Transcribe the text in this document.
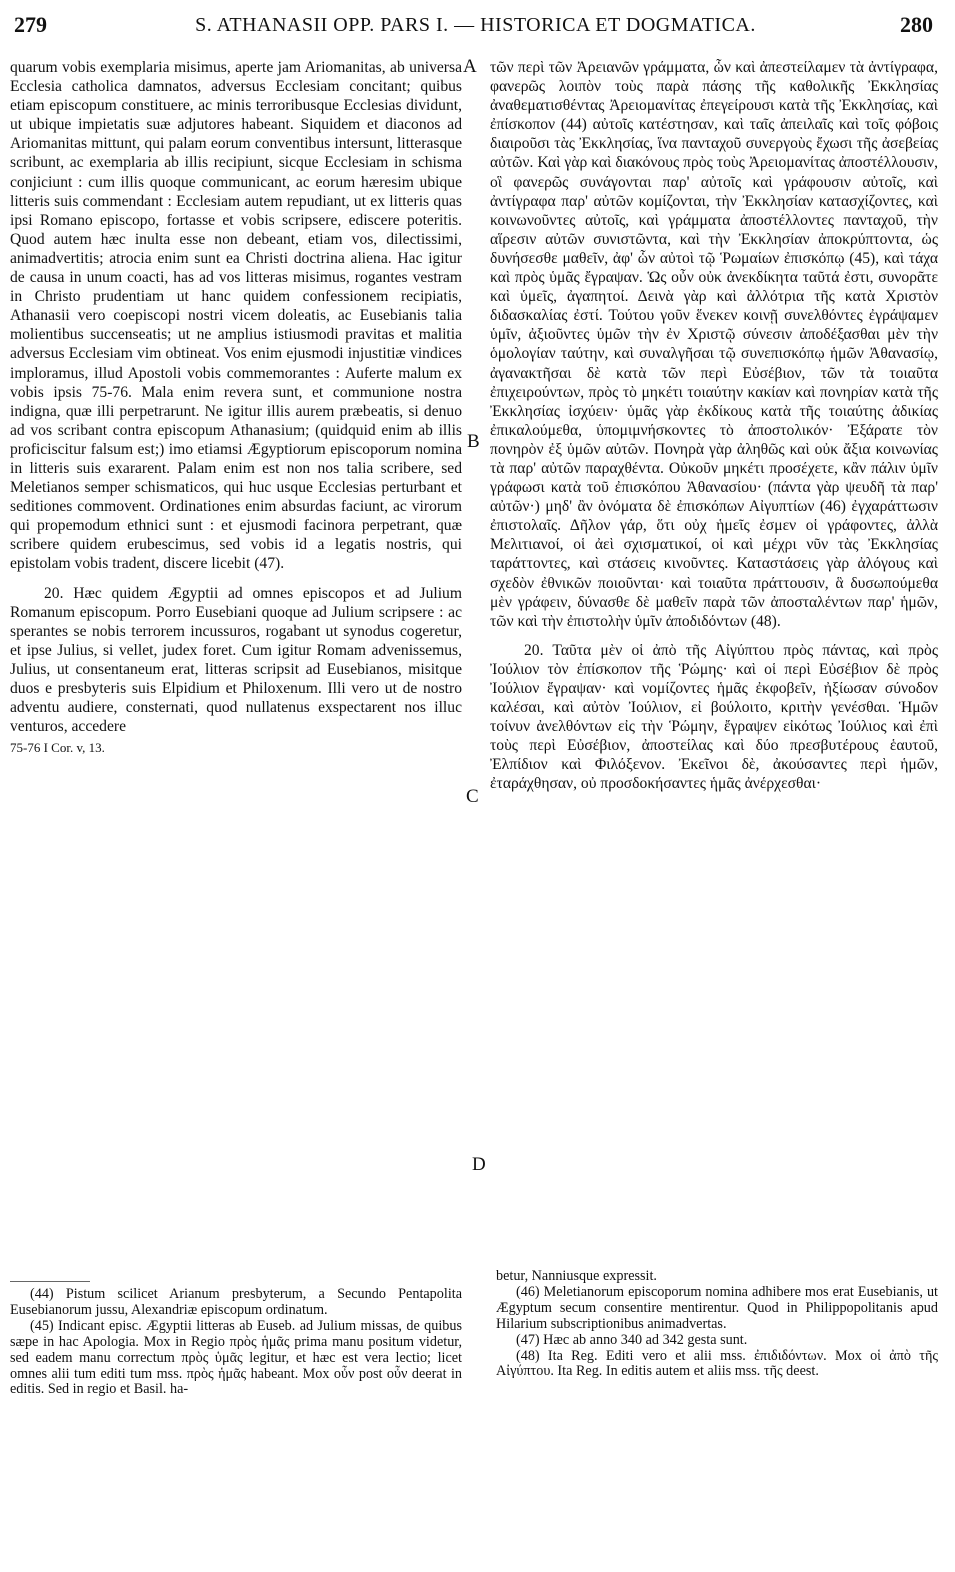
279	S. ATHANASII OPP. PARS I. — HISTORICA ET DOGMATICA.	280
A
B
C
D

quarum vobis exemplaria misimus, aperte jam Ariomanitas, ab universa Ecclesia catholica damnatos, adversus Ecclesiam concitant; quibus etiam episcopum constituere, ac minis terroribusque Ecclesias dividunt, ut ubique impietatis suæ adjutores habeant. Siquidem et diaconos ad Ariomanitas mittunt, qui palam eorum conventibus intersunt, litterasque scribunt, ac exemplaria ab illis recipiunt, sicque Ecclesiam in schisma conjiciunt : cum illis quoque communicant, ac eorum hæresim ubique litteris suis commendant : Ecclesiam autem repudiant, ut ex litteris quas ipsi Romano episcopo, fortasse et vobis scripsere, ediscere poteritis. Quod autem hæc inulta esse non debeant, etiam vos, dilectissimi, animadvertitis; atrocia enim sunt ea Christi doctrina aliena. Hac igitur de causa in unum coacti, has ad vos litteras misimus, rogantes vestram in Christo prudentiam ut hanc quidem confessionem recipiatis, Athanasii vero coepiscopi nostri vicem doleatis, ac Eusebianis talia molientibus succenseatis; ut ne amplius istiusmodi pravitas et malitia adversus Ecclesiam vim obtineat. Vos enim ejusmodi injustitiæ vindices imploramus, illud Apostoli vobis commemorantes : Auferte malum ex vobis ipsis 75-76. Mala enim revera sunt, et communione nostra indigna, quæ illi perpetrarunt. Ne igitur illis aurem præbeatis, si denuo ad vos scribant contra episcopum Athanasium; (quidquid enim ab illis proficiscitur falsum est;) imo etiamsi Ægyptiorum episcoporum nomina in litteris suis exararent. Palam enim est non nos talia scribere, sed Meletianos semper schismaticos, qui huc usque Ecclesias perturbant et seditiones commovent. Ordinationes enim absurdas faciunt, ac virorum qui propemodum ethnici sunt : et ejusmodi facinora perpetrant, quæ scribere quidem erubescimus, sed vobis id a legatis nostris, qui epistolam vobis tradent, discere licebit (47).

20. Hæc quidem Ægyptii ad omnes episcopos et ad Julium Romanum episcopum. Porro Eusebiani quoque ad Julium scripsere : ac sperantes se nobis terrorem incussuros, rogabant ut synodus cogeretur, et ipse Julius, si vellet, judex foret. Cum igitur Romam advenissemus, Julius, ut consentaneum erat, litteras scripsit ad Eusebianos, misitque duos e presbyteris suis Elpidium et Philoxenum. Illi vero ut de nostro adventu audiere, consternati, quod nullatenus exspectarent nos illuc venturos, accedere

75-76 I Cor. v, 13.

τῶν περὶ τῶν Ἀρειανῶν γράμματα, ὧν καὶ ἀπεστείλαμεν τὰ ἀντίγραφα, φανερῶς λοιπὸν τοὺς παρὰ πάσης τῆς καθολικῆς Ἐκκλησίας ἀναθεματισθέντας Ἀρειομανίτας ἐπεγείρουσι κατὰ τῆς Ἐκκλησίας, καὶ ἐπίσκοπον (44) αὐτοῖς κατέστησαν, καὶ ταῖς ἀπειλαῖς καὶ τοῖς φόβοις διαιροῦσι τὰς Ἐκκλησίας, ἵνα πανταχοῦ συνεργοὺς ἔχωσι τῆς ἀσεβείας αὐτῶν. Καὶ γὰρ καὶ διακόνους πρὸς τοὺς Ἀρειομανίτας ἀποστέλλουσιν, οἳ φανερῶς συνάγονται παρ' αὐτοῖς καὶ γράφουσιν αὐτοῖς, καὶ ἀντίγραφα παρ' αὐτῶν κομίζονται, τὴν Ἐκκλησίαν κατασχίζοντες, καὶ κοινωνοῦντες αὐτοῖς, καὶ γράμματα ἀποστέλλοντες πανταχοῦ, τὴν αἵρεσιν αὐτῶν συνιστῶντα, καὶ τὴν Ἐκκλησίαν ἀποκρύπτοντα, ὡς δυνήσεσθε μαθεῖν, ἀφ' ὧν αὐτοὶ τῷ Ῥωμαίων ἐπισκόπῳ (45), καὶ τάχα καὶ πρὸς ὑμᾶς ἔγραψαν. Ὡς οὖν οὐκ ἀνεκδίκητα ταῦτά ἐστι, συνορᾶτε καὶ ὑμεῖς, ἀγαπητοί. Δεινὰ γὰρ καὶ ἀλλότρια τῆς κατὰ Χριστὸν διδασκαλίας ἐστί. Τούτου γοῦν ἕνεκεν κοινῇ συνελθόντες ἐγράψαμεν ὑμῖν, ἀξιοῦντες ὑμῶν τὴν ἐν Χριστῷ σύνεσιν ἀποδέξασθαι μὲν τὴν ὁμολογίαν ταύτην, καὶ συναλγῆσαι τῷ συνεπισκόπῳ ἡμῶν Ἀθανασίῳ, ἀγανακτῆσαι δὲ κατὰ τῶν περὶ Εὐσέβιον, τῶν τὰ τοιαῦτα ἐπιχειρούντων, πρὸς τὸ μηκέτι τοιαύτην κακίαν καὶ πονηρίαν κατὰ τῆς Ἐκκλησίας ἰσχύειν· ὑμᾶς γὰρ ἐκδίκους κατὰ τῆς τοιαύτης ἀδικίας ἐπικαλούμεθα, ὑπομιμνήσκοντες τὸ ἀποστολικόν· Ἐξάρατε τὸν πονηρὸν ἐξ ὑμῶν αὐτῶν. Πονηρὰ γὰρ ἀληθῶς καὶ οὐκ ἄξια κοινωνίας τὰ παρ' αὐτῶν παραχθέντα. Οὐκοῦν μηκέτι προσέχετε, κἂν πάλιν ὑμῖν γράφωσι κατὰ τοῦ ἐπισκόπου Ἀθανασίου· (πάντα γὰρ ψευδῆ τὰ παρ' αὐτῶν·) μηδ' ἂν ὀνόματα δὲ ἐπισκόπων Αἰγυπτίων (46) ἐγχαράττωσιν ἐπιστολαῖς. Δῆλον γάρ, ὅτι οὐχ ἡμεῖς ἐσμεν οἱ γράφοντες, ἀλλὰ Μελιτιανοί, οἱ ἀεὶ σχισματικοί, οἱ καὶ μέχρι νῦν τὰς Ἐκκλησίας ταράττοντες, καὶ στάσεις κινοῦντες. Καταστάσεις γὰρ ἀλόγους καὶ σχεδὸν ἐθνικῶν ποιοῦνται· καὶ τοιαῦτα πράττουσιν, ἃ δυσωπούμεθα μὲν γράφειν, δύνασθε δὲ μαθεῖν παρὰ τῶν ἀποσταλέντων παρ' ἡμῶν, τῶν καὶ τὴν ἐπιστολὴν ὑμῖν ἀποδιδόντων (48).

20. Ταῦτα μὲν οἱ ἀπὸ τῆς Αἰγύπτου πρὸς πάντας, καὶ πρὸς Ἰούλιον τὸν ἐπίσκοπον τῆς Ῥώμης· καὶ οἱ περὶ Εὐσέβιον δὲ πρὸς Ἰούλιον ἔγραψαν· καὶ νομίζοντες ἡμᾶς ἐκφοβεῖν, ἠξίωσαν σύνοδον καλέσαι, καὶ αὐτὸν Ἰούλιον, εἰ βούλοιτο, κριτὴν γενέσθαι. Ἡμῶν τοίνυν ἀνελθόντων εἰς τὴν Ῥώμην, ἔγραψεν εἰκότως Ἰούλιος καὶ ἐπὶ τοὺς περὶ Εὐσέβιον, ἀποστείλας καὶ δύο πρεσβυτέρους ἑαυτοῦ, Ἐλπίδιον καὶ Φιλόξενον. Ἐκεῖνοι δὲ, ἀκούσαντες περὶ ἡμῶν, ἐταράχθησαν, οὐ προσδοκήσαντες ἡμᾶς ἀνέρχεσθαι·

(44) Pistum scilicet Arianum presbyterum, a Secundo Pentapolita Eusebianorum jussu, Alexandriæ episcopum ordinatum.

(45) Indicant episc. Ægyptii litteras ab Euseb. ad Julium missas, de quibus sæpe in hac Apologia. Mox in Regio πρὸς ἡμᾶς prima manu positum videtur, sed eadem manu correctum πρὸς ὑμᾶς legitur, et hæc est vera lectio; licet omnes alii tum editi tum mss. πρὸς ἡμᾶς habeant. Mox οὖν post οὖν deerat in editis. Sed in regio et Basil. ha-

betur, Nanniusque expressit.

(46) Meletianorum episcoporum nomina adhibere mos erat Eusebianis, ut Ægyptum secum consentire mentirentur. Quod in Philippopolitanis apud Hilarium subscriptionibus animadvertas.

(47) Hæc ab anno 340 ad 342 gesta sunt.

(48) Ita Reg. Editi vero et alii mss. ἐπιδιδόντων. Mox οἱ ἀπὸ τῆς Αἰγύπτου. Ita Reg. In editis autem et aliis mss. τῆς deest.
